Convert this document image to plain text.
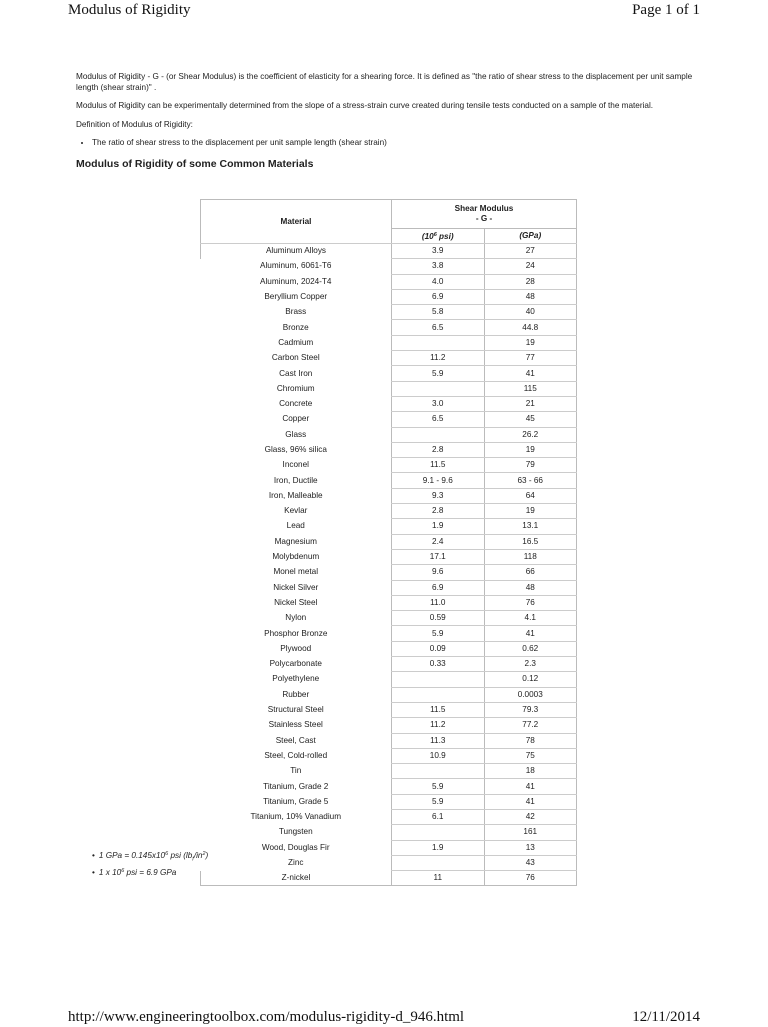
Modulus of Rigidity	Page 1 of 1

Modulus of Rigidity - G - (or Shear Modulus) is the coefficient of elasticity for a shearing force. It is defined as "the ratio of shear stress to the displacement per unit sample length (shear strain)" .

Modulus of Rigidity can be experimentally determined from the slope of a stress-strain curve created during tensile tests conducted on a sample of the material.

Definition of Modulus of Rigidity:

• The ratio of shear stress to the displacement per unit sample length (shear strain)
Modulus of Rigidity of some Common Materials
Material	Shear Modulus
- G -	
	($10^6$ psi)	(GPa)
Aluminum Alloys	3.9	27
Aluminum, 6061-T6	3.8	24
Aluminum, 2024-T4	4.0	28
Beryllium Copper	6.9	48
Brass	5.8	40
Bronze	6.5	44.8
Cadmium		19
Carbon Steel	11.2	77
Cast Iron	5.9	41
Chromium		115
Concrete	3.0	21
Copper	6.5	45
Glass		26.2
Glass, 96% silica	2.8	19
Inconel	11.5	79
Iron, Ductile	9.1 - 9.6	63 - 66
Iron, Malleable	9.3	64
Kevlar	2.8	19
Lead	1.9	13.1
Magnesium	2.4	16.5
Molybdenum	17.1	118
Monel metal	9.6	66
Nickel Silver	6.9	48
Nickel Steel	11.0	76
Nylon	0.59	4.1
Phosphor Bronze	5.9	41
Plywood	0.09	0.62
Polycarbonate	0.33	2.3
Polyethylene		0.12
Rubber		0.0003
Structural Steel	11.5	79.3
Stainless Steel	11.2	77.2
Steel, Cast	11.3	78
Steel, Cold-rolled	10.9	75
Tin		18
Titanium, Grade 2	5.9	41
Titanium, Grade 5	5.9	41
Titanium, 10% Vanadium	6.1	42
Tungsten		161
Wood, Douglas Fir	1.9	13
Zinc		43
Z-nickel	11	76
• 1 GPa = $0.145x10^6$ psi $(lb_f/in^2)$
• 1 x $10^6$ psi = 6.9 GPa
http://www.engineeringtoolbox.com/modulus-rigidity-d_946.html	12/11/2014
